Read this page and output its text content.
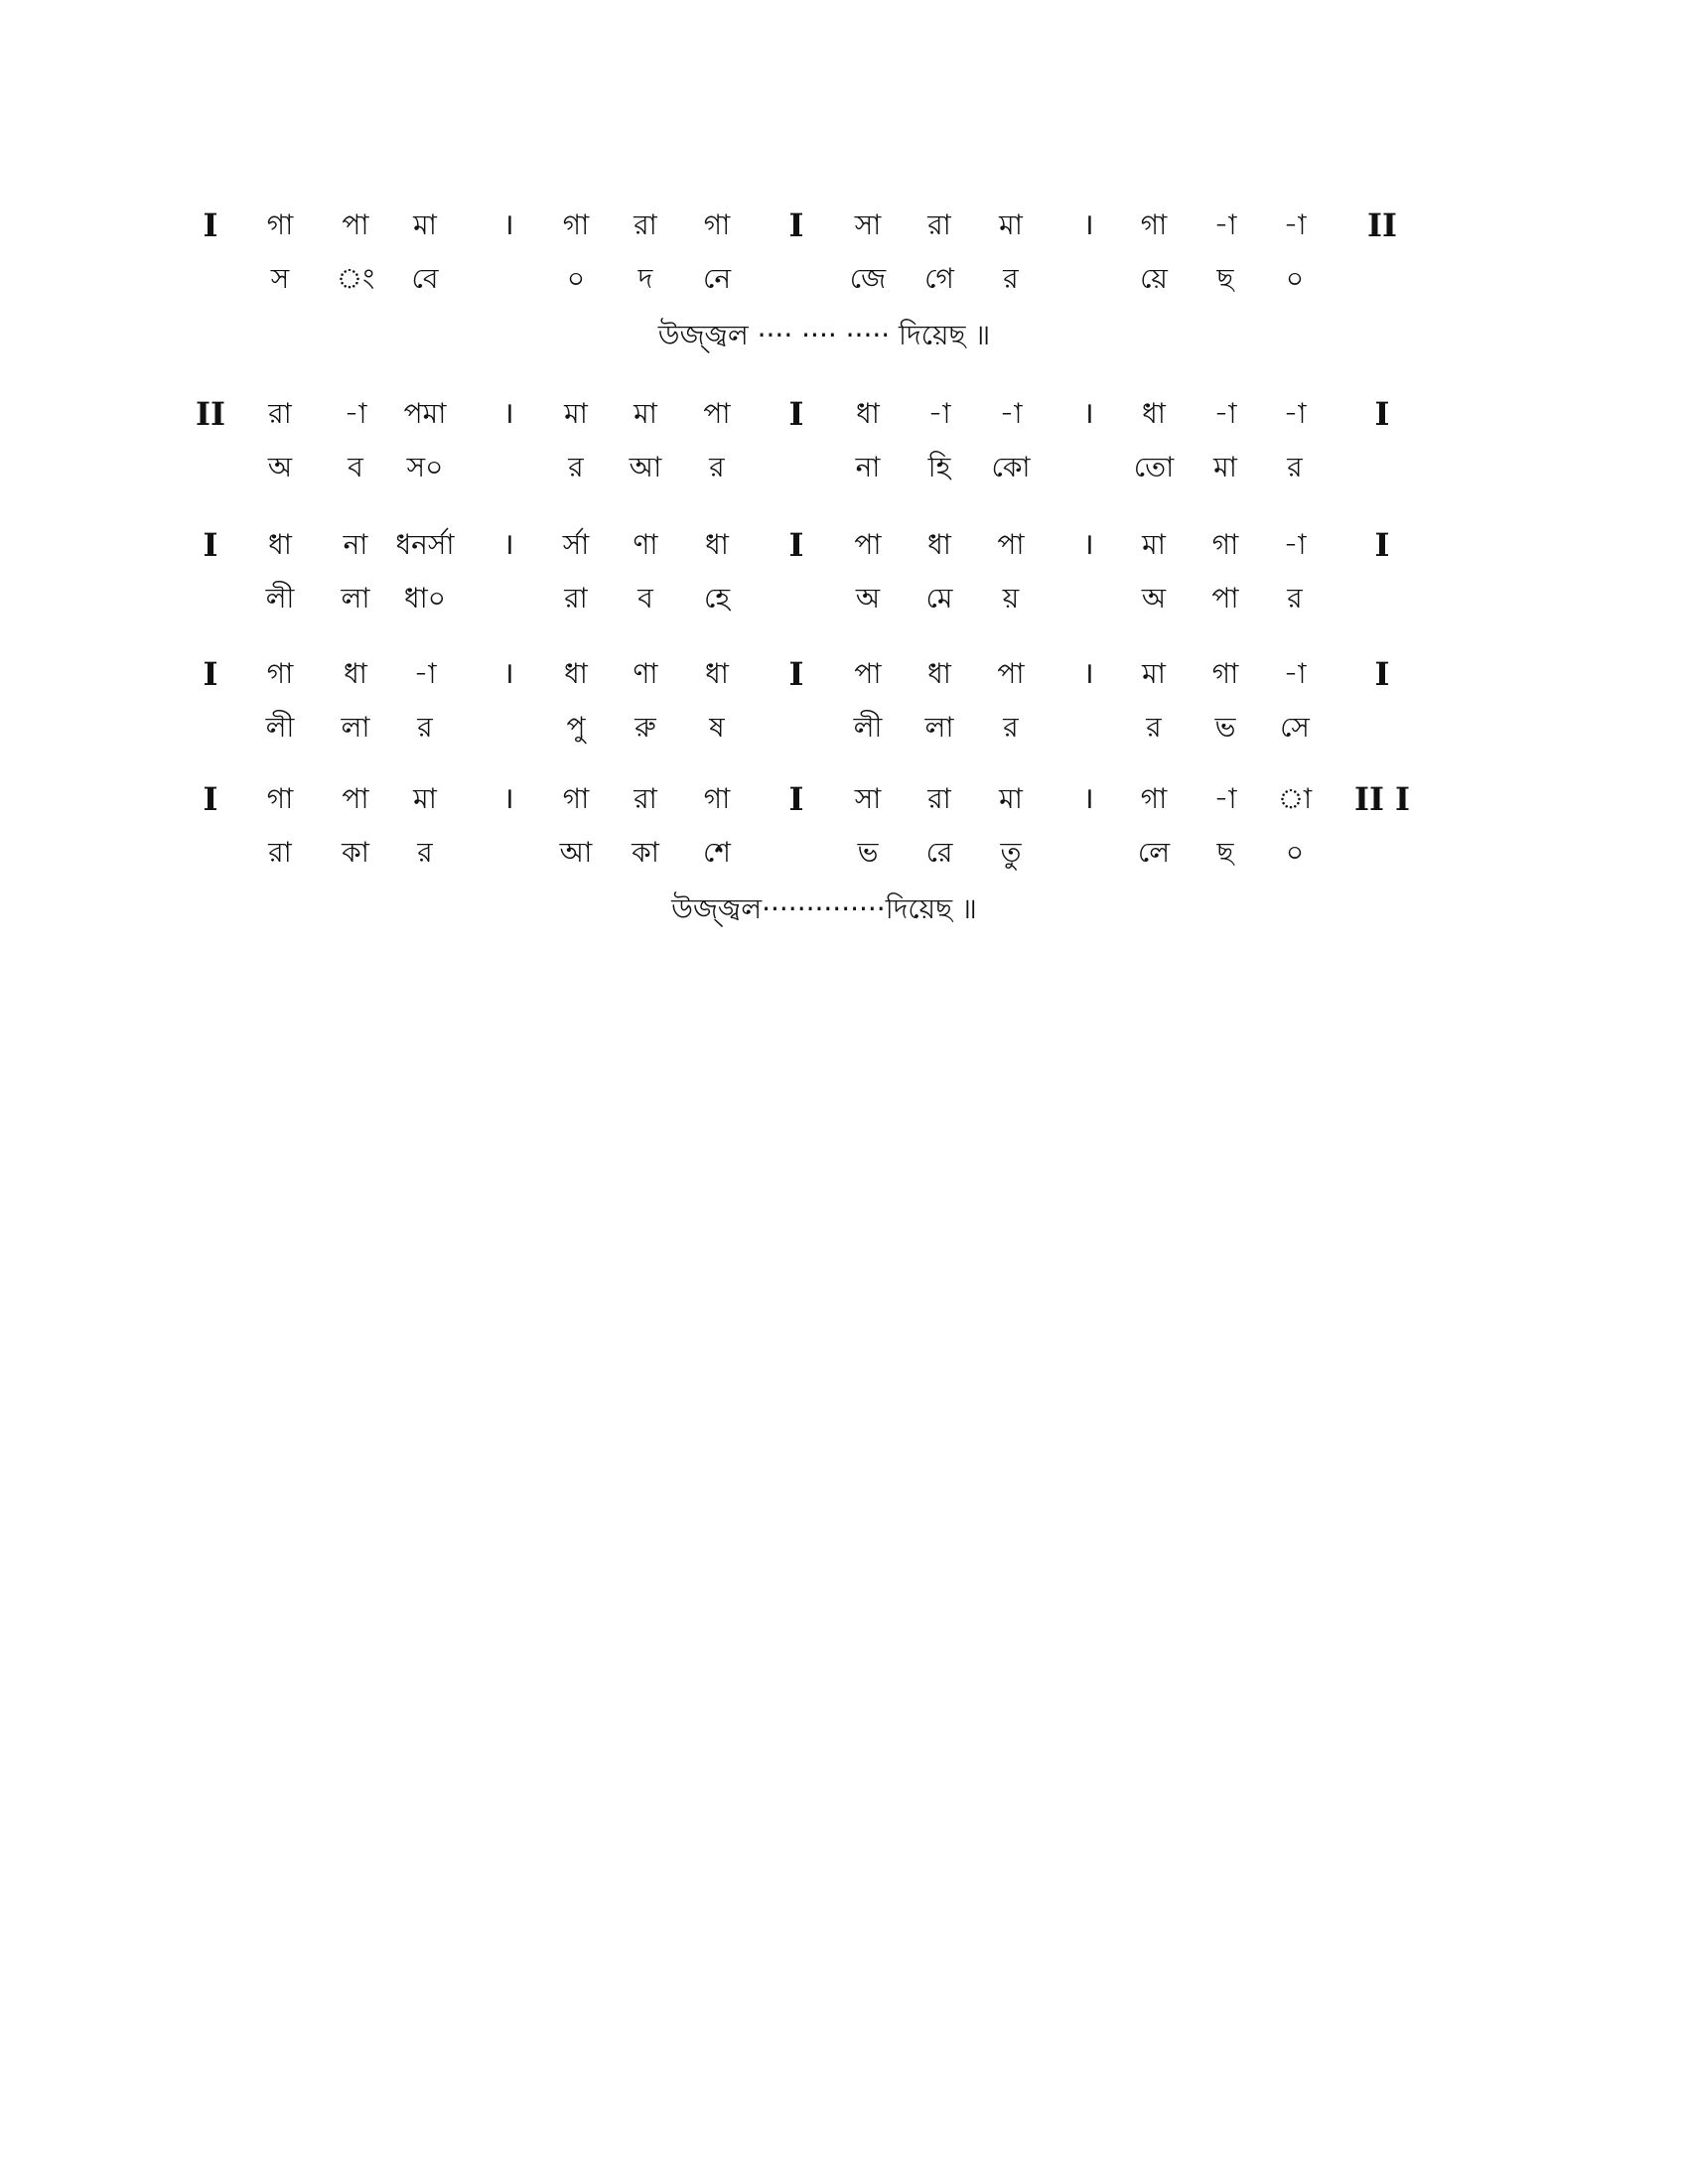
I গা পা মা । গা রা গা I সা রা মা । গা -া -া II
স ং বে	০ দ নে	জে গে র	য়ে ছ ০
উজ্জ্বল ···· ···· ····· দিয়েছ ॥
II রা -া পমা । মা মা পা I ধা -া -া । ধা -া -া I
অ ব স০	র আ র	না হি কো	তো মা র
I ধা না ধনর্সা । র্সা ণা ধা I পা ধা পা । মা গা -া I
লী লা ধা০	রা ব হে	অ মে য়	অ পা র
I গা ধা -া । ধা ণা ধা I পা ধা পা । মা গা -া I
লী লা র	পু রু ষ	লী লা র	র ভ সে
I গা পা মা । গা রা গা I সা রা মা । গা -া া II I
রা কা র	আ কা শে	ভ রে তু	লে ছ ০
উজ্জ্বল··············দিয়েছ ॥
